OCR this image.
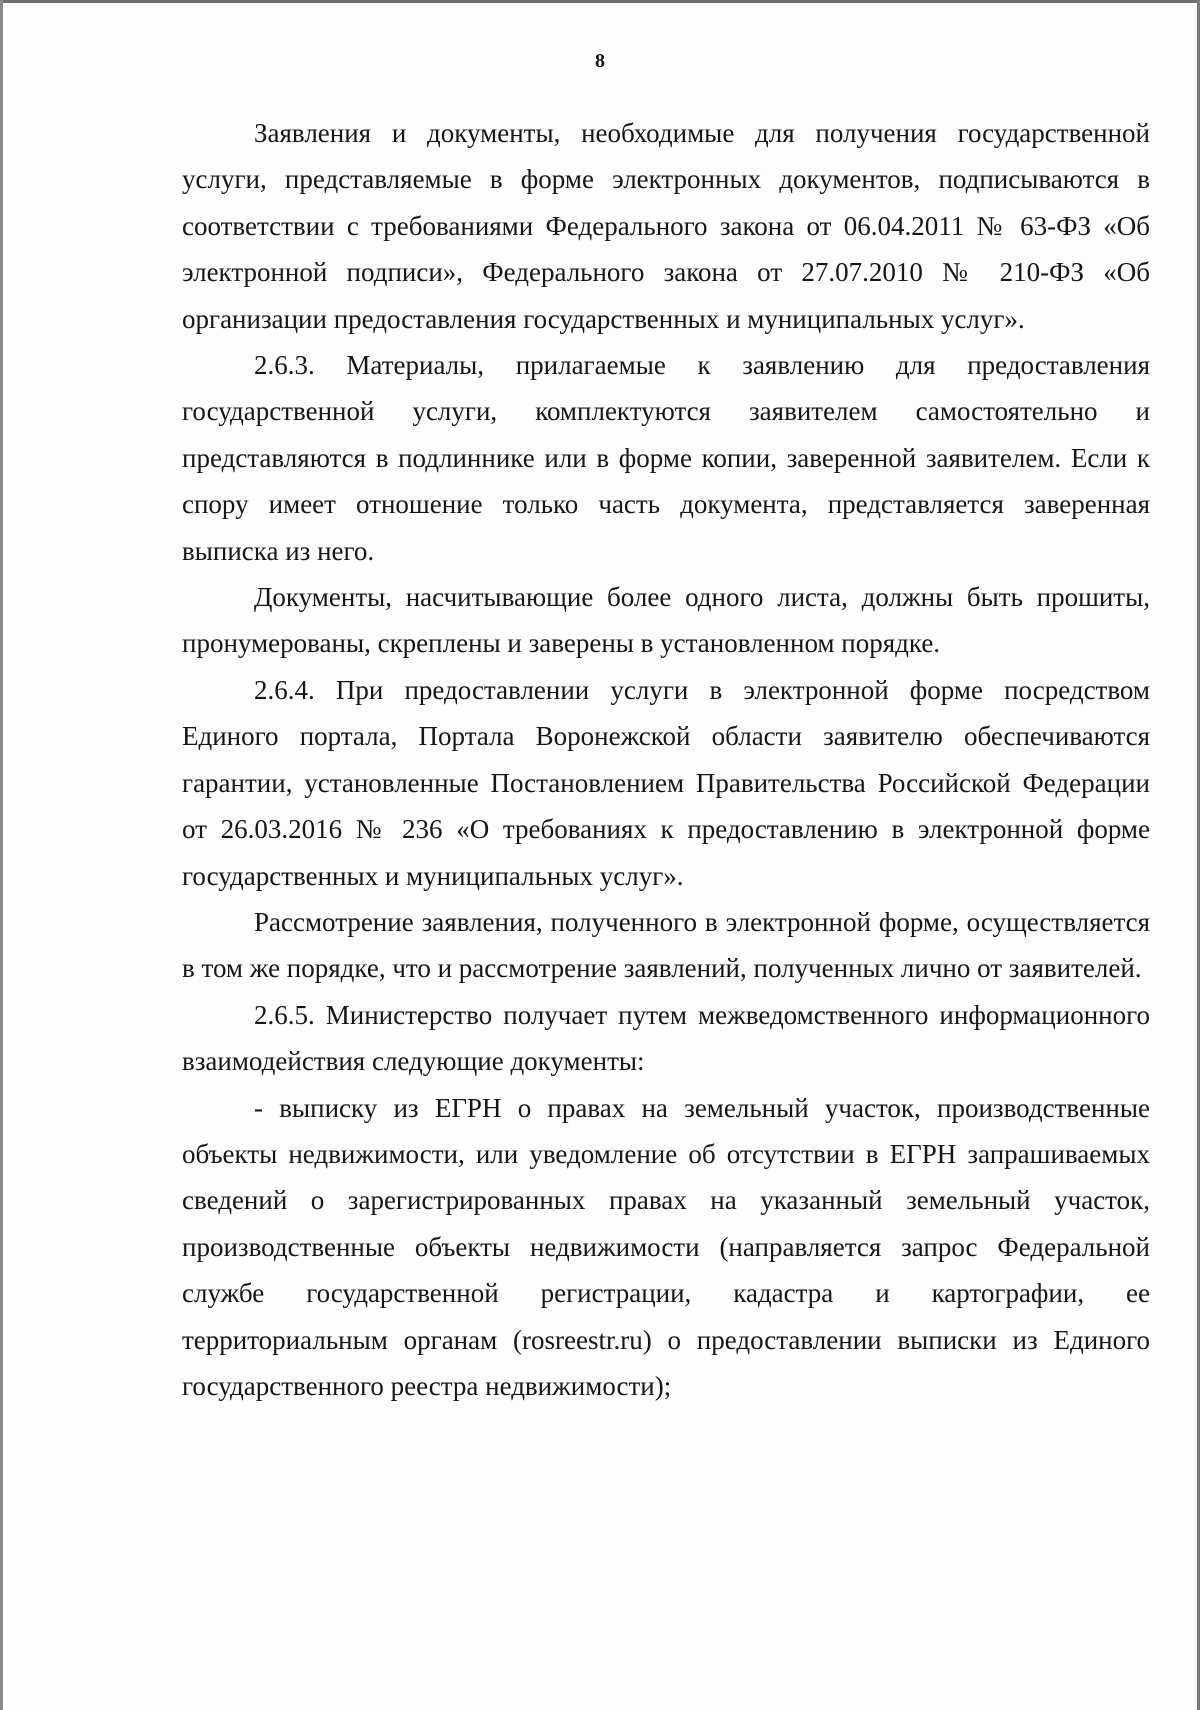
8

Заявления и документы, необходимые для получения государственной услуги, представляемые в форме электронных документов, подписываются в соответствии с требованиями Федерального закона от 06.04.2011 № 63-ФЗ «Об электронной подписи», Федерального закона от 27.07.2010 № 210-ФЗ «Об организации предоставления государственных и муниципальных услуг».

2.6.3. Материалы, прилагаемые к заявлению для предоставления государственной услуги, комплектуются заявителем самостоятельно и представляются в подлиннике или в форме копии, заверенной заявителем. Если к спору имеет отношение только часть документа, представляется заверенная выписка из него.

Документы, насчитывающие более одного листа, должны быть прошиты, пронумерованы, скреплены и заверены в установленном порядке.

2.6.4. При предоставлении услуги в электронной форме посредством Единого портала, Портала Воронежской области заявителю обеспечиваются гарантии, установленные Постановлением Правительства Российской Федерации от 26.03.2016 № 236 «О требованиях к предоставлению в электронной форме государственных и муниципальных услуг».

Рассмотрение заявления, полученного в электронной форме, осуществляется в том же порядке, что и рассмотрение заявлений, полученных лично от заявителей.

2.6.5. Министерство получает путем межведомственного информационного взаимодействия следующие документы:

- выписку из ЕГРН о правах на земельный участок, производственные объекты недвижимости, или уведомление об отсутствии в ЕГРН запрашиваемых сведений о зарегистрированных правах на указанный земельный участок, производственные объекты недвижимости (направляется запрос Федеральной службе государственной регистрации, кадастра и картографии, ее территориальным органам (rosreestr.ru) о предоставлении выписки из Единого государственного реестра недвижимости);
